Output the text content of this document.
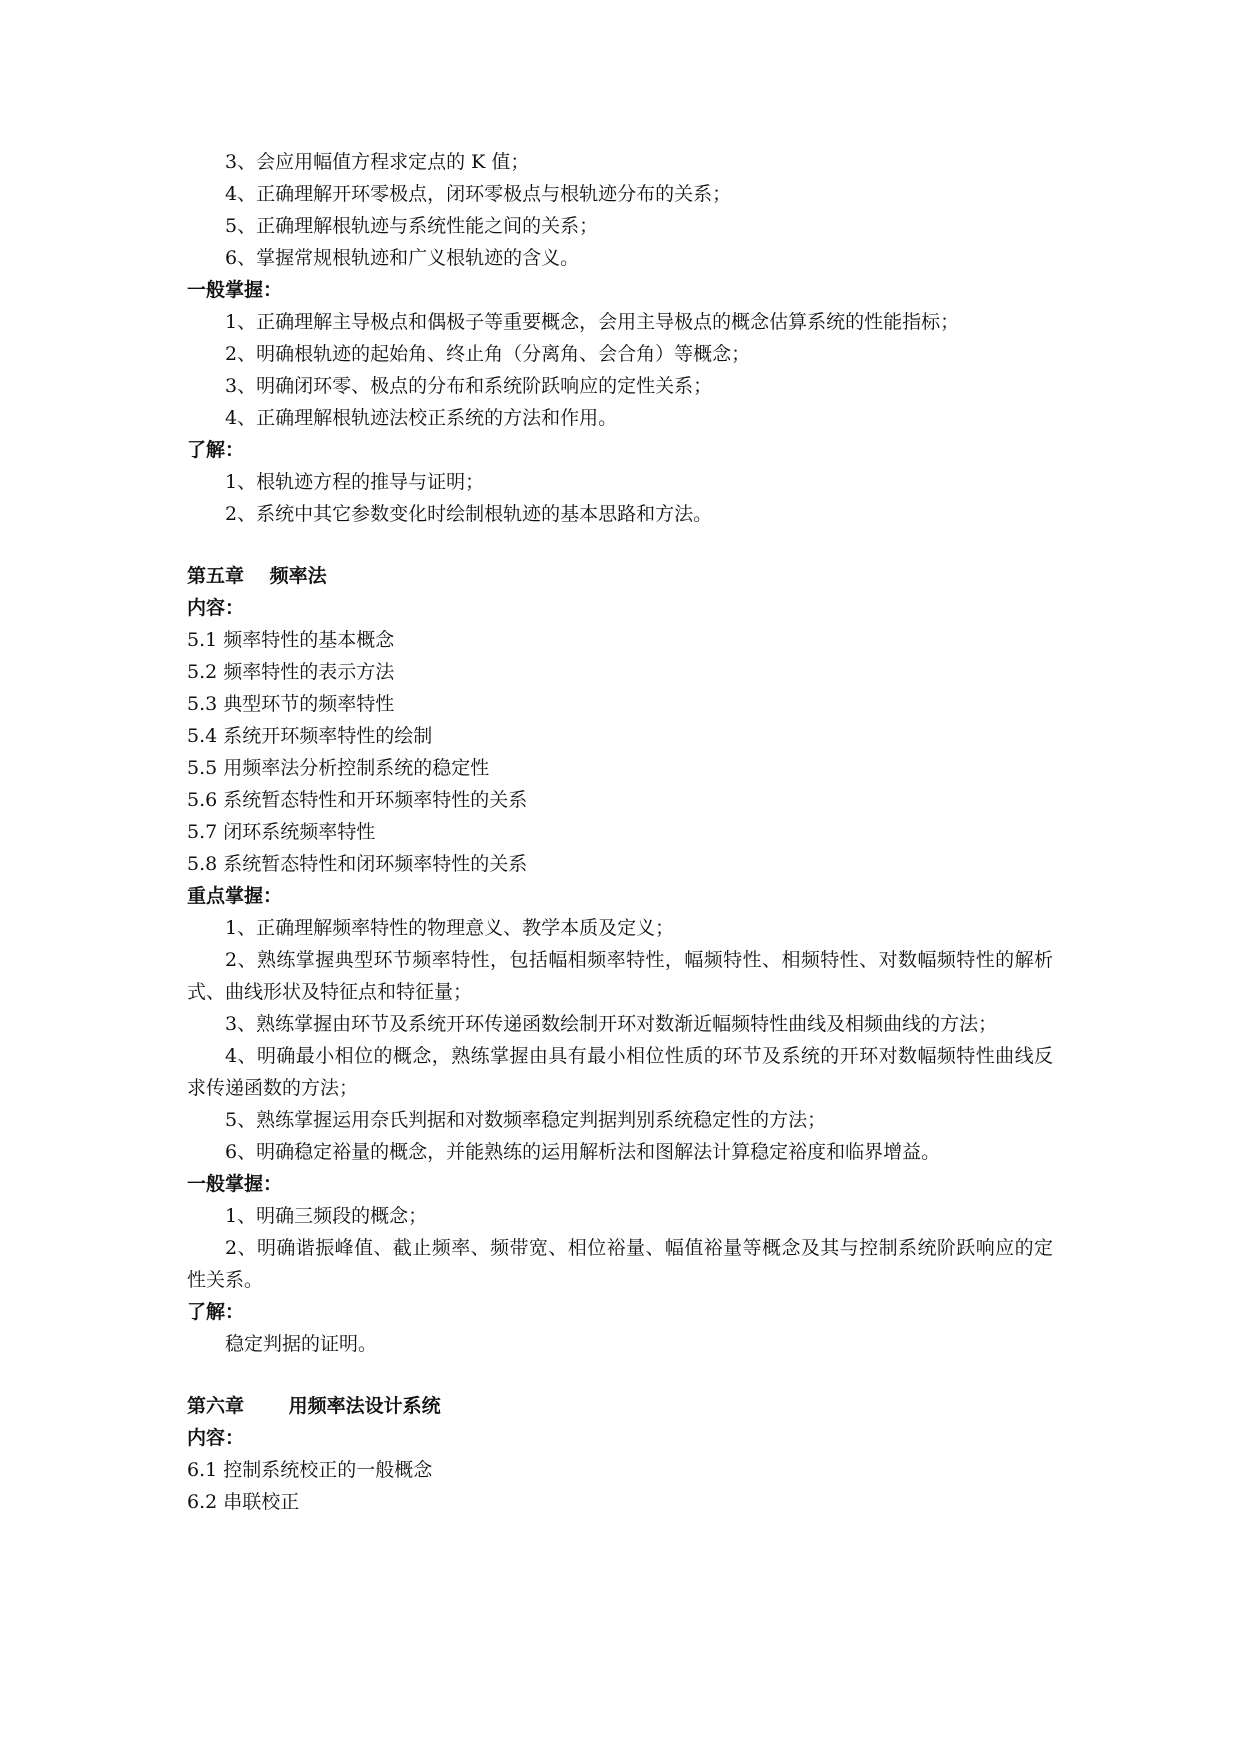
3、会应用幅值方程求定点的 K 值；
4、正确理解开环零极点，闭环零极点与根轨迹分布的关系；
5、正确理解根轨迹与系统性能之间的关系；
6、掌握常规根轨迹和广义根轨迹的含义。
一般掌握：
1、正确理解主导极点和偶极子等重要概念，会用主导极点的概念估算系统的性能指标；
2、明确根轨迹的起始角、终止角（分离角、会合角）等概念；
3、明确闭环零、极点的分布和系统阶跃响应的定性关系；
4、正确理解根轨迹法校正系统的方法和作用。
了解：
1、根轨迹方程的推导与证明；
2、系统中其它参数变化时绘制根轨迹的基本思路和方法。
第五章　 频率法
内容：
5.1 频率特性的基本概念
5.2 频率特性的表示方法
5.3 典型环节的频率特性
5.4 系统开环频率特性的绘制
5.5 用频率法分析控制系统的稳定性
5.6 系统暂态特性和开环频率特性的关系
5.7 闭环系统频率特性
5.8 系统暂态特性和闭环频率特性的关系
重点掌握：
1、正确理解频率特性的物理意义、教学本质及定义；
2、熟练掌握典型环节频率特性，包括幅相频率特性，幅频特性、相频特性、对数幅频特性的解析式、曲线形状及特征点和特征量；
3、熟练掌握由环节及系统开环传递函数绘制开环对数渐近幅频特性曲线及相频曲线的方法；
4、明确最小相位的概念，熟练掌握由具有最小相位性质的环节及系统的开环对数幅频特性曲线反求传递函数的方法；
5、熟练掌握运用奈氏判据和对数频率稳定判据判别系统稳定性的方法；
6、明确稳定裕量的概念，并能熟练的运用解析法和图解法计算稳定裕度和临界增益。
一般掌握：
1、明确三频段的概念；
2、明确谐振峰值、截止频率、频带宽、相位裕量、幅值裕量等概念及其与控制系统阶跃响应的定性关系。
了解：
稳定判据的证明。
第六章　　 用频率法设计系统
内容：
6.1 控制系统校正的一般概念
6.2 串联校正
